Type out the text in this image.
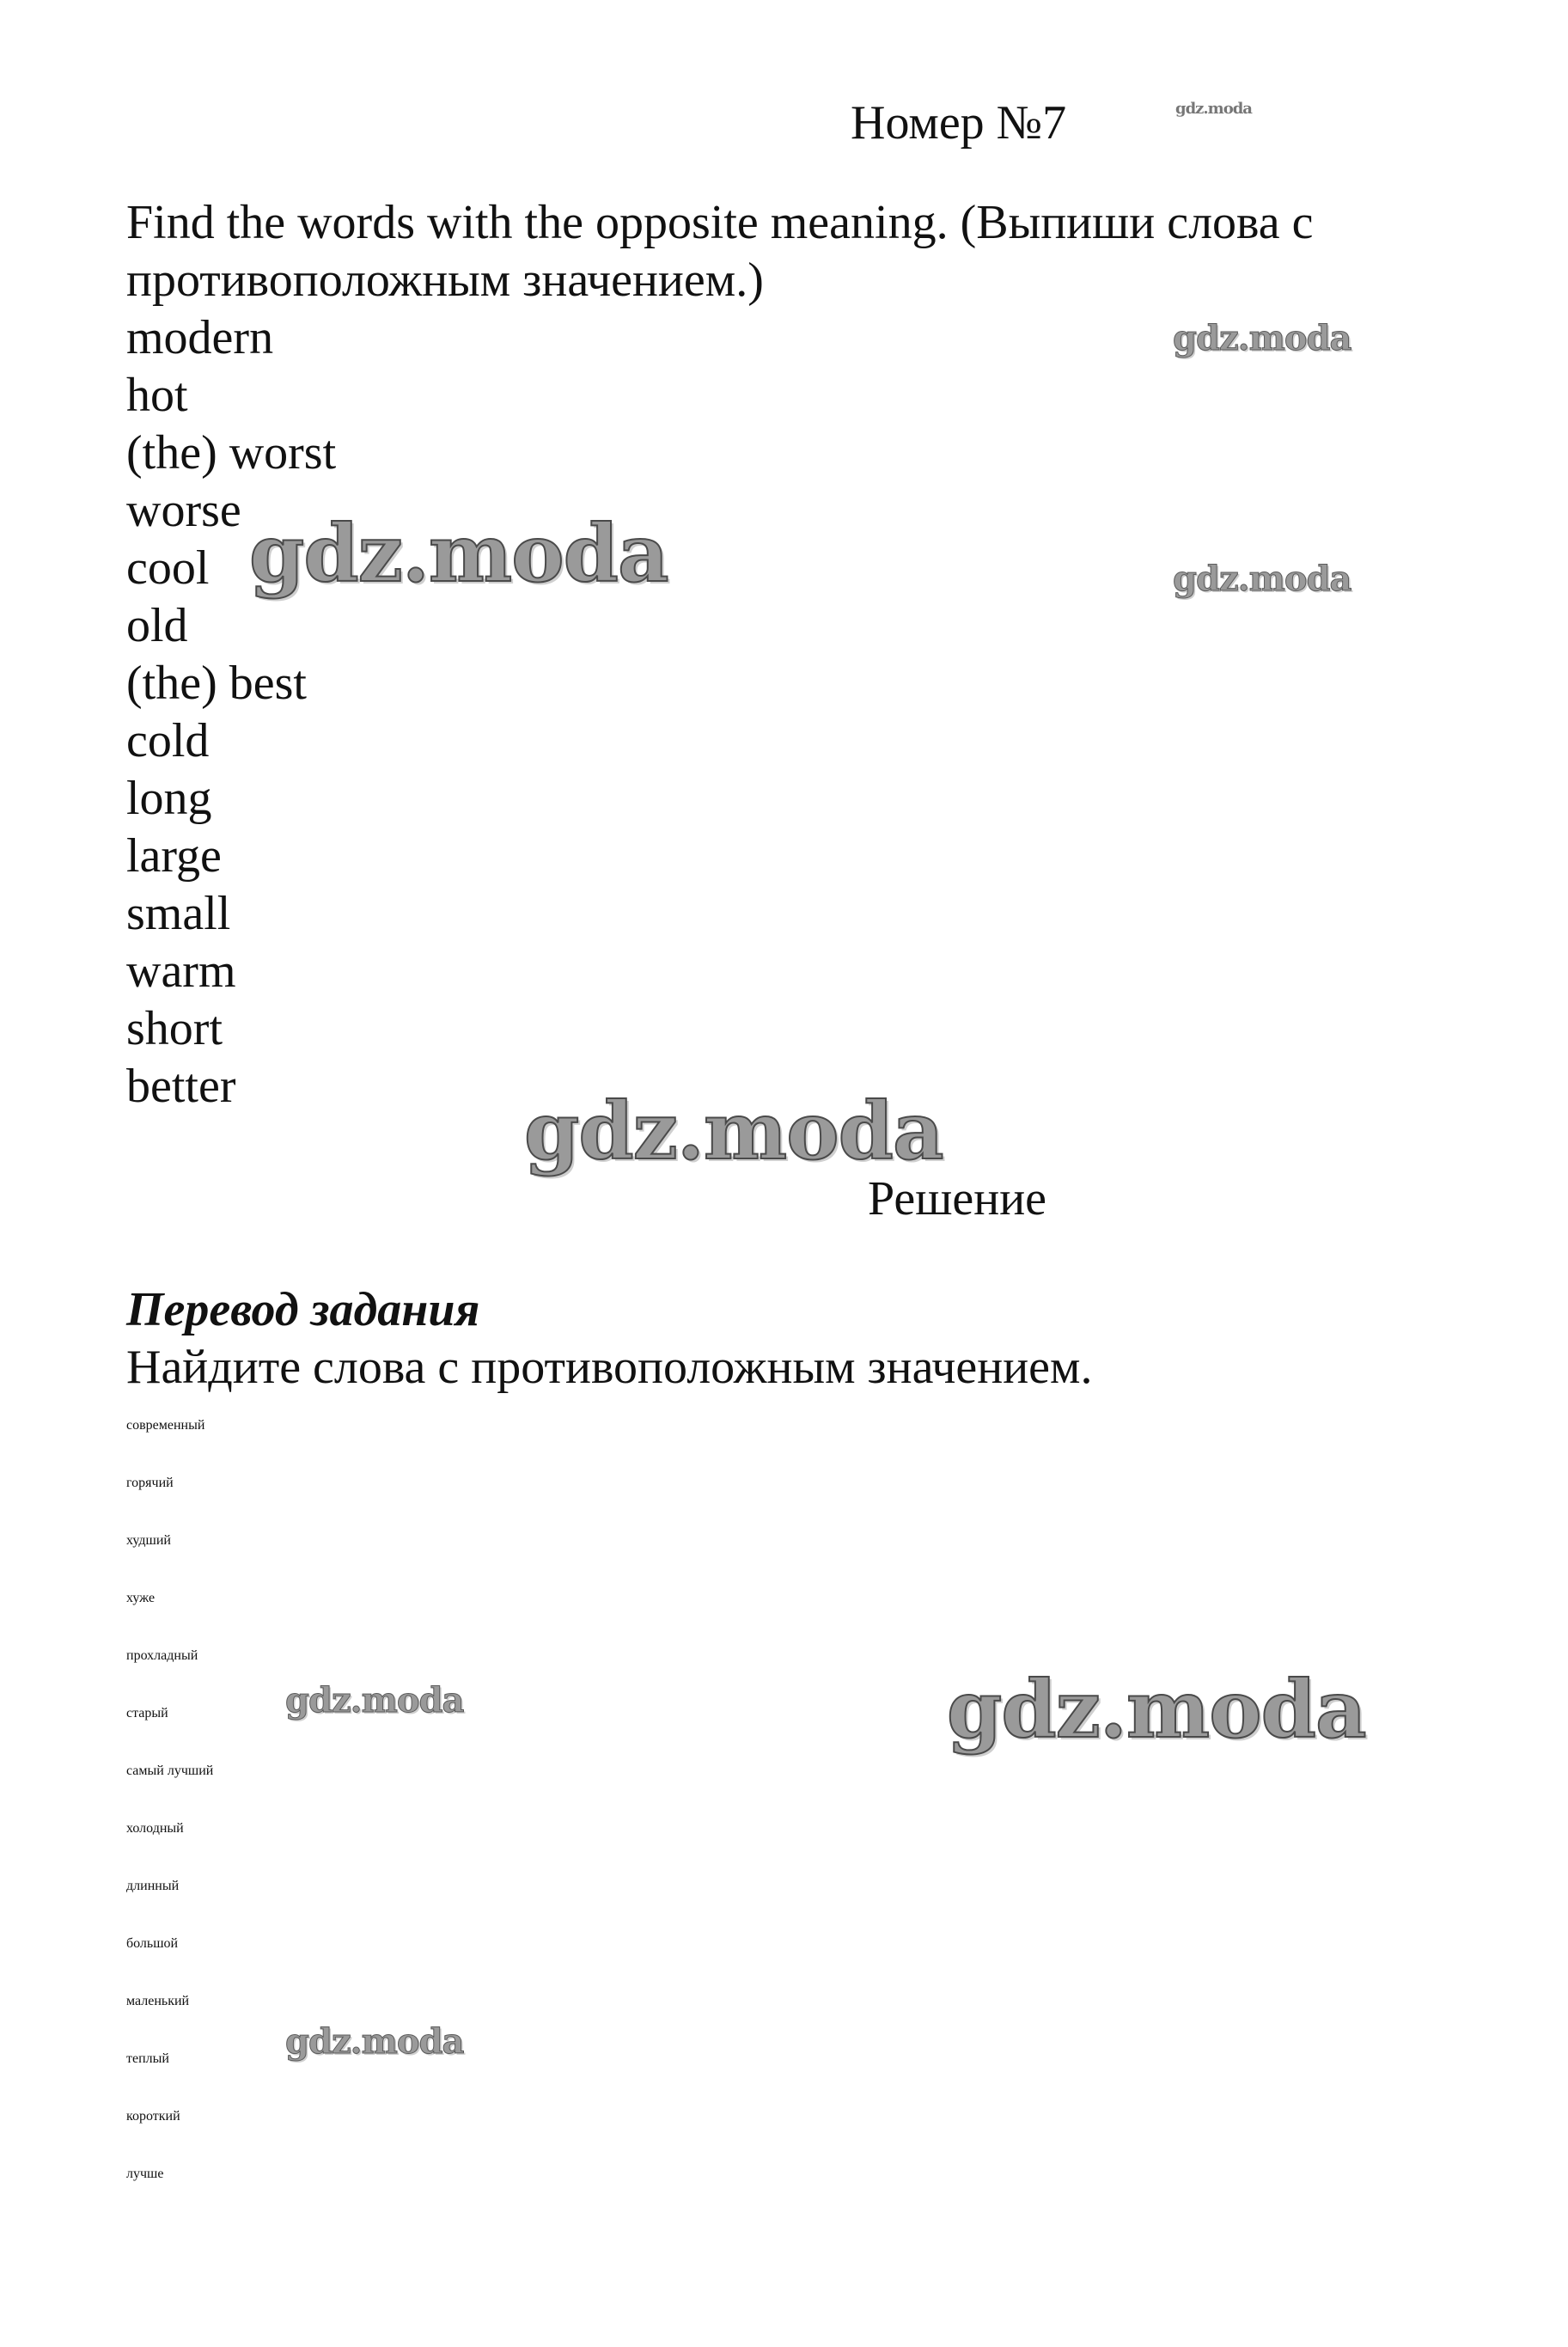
Номер №7

Find the words with the opposite meaning. (Выпиши слова с противоположным значением.)

modern
hot
(the) worst
worse
cool
old
(the) best
cold
long
large
small
warm
short
better
Решение

Перевод задания

Найдите слова с противоположным значением.

современный
горячий
худший
хуже
прохладный
старый
самый лучший
холодный
длинный
большой
маленький
теплый
короткий
лучше
gdz.moda
gdz.moda
gdz.moda	gdz.moda
gdz.moda
gdz.moda	gdz.moda
gdz.moda
